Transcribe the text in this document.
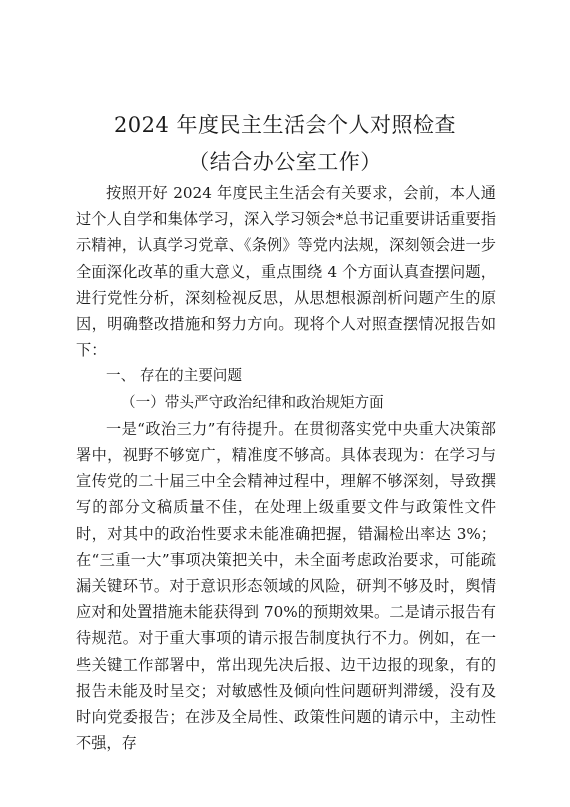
2024 年度民主生活会个人对照检查
（结合办公室工作）

按照开好 2024 年度民主生活会有关要求，会前，本人通过个人自学和集体学习，深入学习领会*总书记重要讲话重要指示精神，认真学习党章、《条例》等党内法规，深刻领会进一步全面深化改革的重大意义，重点围绕 4 个方面认真查摆问题，进行党性分析，深刻检视反思，从思想根源剖析问题产生的原因，明确整改措施和努力方向。现将个人对照查摆情况报告如下：

一、 存在的主要问题

（一）带头严守政治纪律和政治规矩方面

一是“政治三力”有待提升。在贯彻落实党中央重大决策部署中，视野不够宽广，精准度不够高。具体表现为：在学习与宣传党的二十届三中全会精神过程中，理解不够深刻，导致撰写的部分文稿质量不佳，在处理上级重要文件与政策性文件时，对其中的政治性要求未能准确把握，错漏检出率达 3%；在“三重一大”事项决策把关中，未全面考虑政治要求，可能疏漏关键环节。对于意识形态领域的风险，研判不够及时，舆情应对和处置措施未能获得到 70%的预期效果。二是请示报告有待规范。对于重大事项的请示报告制度执行不力。例如，在一些关键工作部署中，常出现先决后报、边干边报的现象，有的报告未能及时呈交；对敏感性及倾向性问题研判滞缓，没有及时向党委报告；在涉及全局性、政策性问题的请示中，主动性不强，存
